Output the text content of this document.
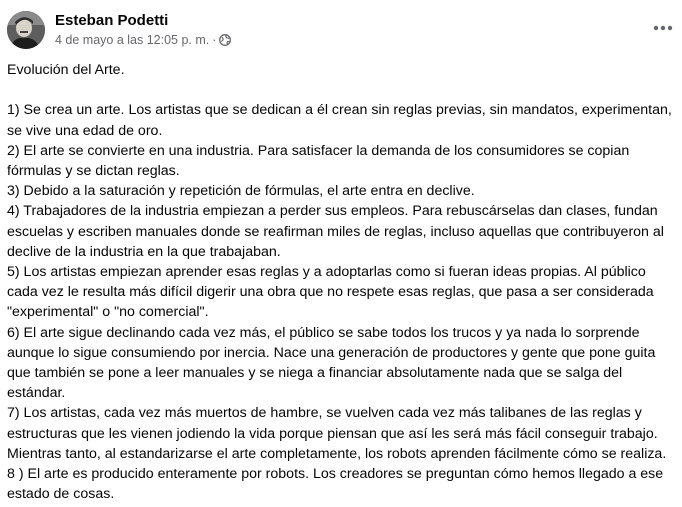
Esteban Podetti
4 de mayo a las 12:05 p. m. ·

Evolución del Arte.

1) Se crea un arte. Los artistas que se dedican a él crean sin reglas previas, sin mandatos, experimentan, se vive una edad de oro.

2) El arte se convierte en una industria. Para satisfacer la demanda de los consumidores se copian fórmulas y se dictan reglas.

3) Debido a la saturación y repetición de fórmulas, el arte entra en declive.

4) Trabajadores de la industria empiezan a perder sus empleos. Para rebuscárselas dan clases, fundan escuelas y escriben manuales donde se reafirman miles de reglas, incluso aquellas que contribuyeron al declive de la industria en la que trabajaban.

5) Los artistas empiezan aprender esas reglas y a adoptarlas como si fueran ideas propias. Al público cada vez le resulta más difícil digerir una obra que no respete esas reglas, que pasa a ser considerada "experimental" o "no comercial".

6) El arte sigue declinando cada vez más, el público se sabe todos los trucos y ya nada lo sorprende aunque lo sigue consumiendo por inercia. Nace una generación de productores y gente que pone guita que también se pone a leer manuales y se niega a financiar absolutamente nada que se salga del estándar.

7) Los artistas, cada vez más muertos de hambre, se vuelven cada vez más talibanes de las reglas y estructuras que les vienen jodiendo la vida porque piensan que así les será más fácil conseguir trabajo. Mientras tanto, al estandarizarse el arte completamente, los robots aprenden fácilmente cómo se realiza.

8 ) El arte es producido enteramente por robots. Los creadores se preguntan cómo hemos llegado a ese estado de cosas.
